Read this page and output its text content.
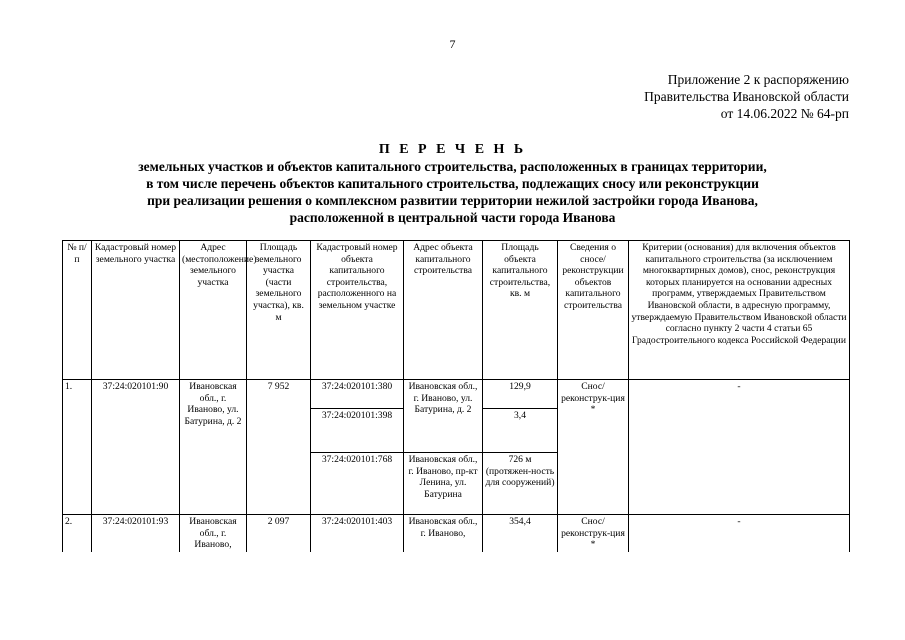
7
Приложение 2 к распоряжению
Правительства Ивановской области
от 14.06.2022 № 64-рп
П Е Р Е Ч Е Н Ь
земельных участков и объектов капитального строительства, расположенных в границах территории,
в том числе перечень объектов капитального строительства, подлежащих сносу или реконструкции
при реализации решения о комплексном развитии территории нежилой застройки города Иванова,
расположенной в центральной части города Иванова
№ п/п	Кадастровый номер земельного участка	Адрес (местоположение) земельного участка	Площадь земельного участка (части земельного участка), кв. м	Кадастровый номер объекта капитального строительства, расположенного на земельном участке	Адрес объекта капитального строительства	Площадь объекта капитального строительства, кв. м	Сведения о сносе/ реконструкции объектов капитального строительства	Критерии (основания) для включения объектов капитального строительства (за исключением многоквартирных домов), снос, реконструкция которых планируется на основании адресных программ, утверждаемых Правительством Ивановской области, в адресную программу, утверждаемую Правительством Ивановской области согласно пункту 2 части 4 статьи 65 Градостроительного кодекса Российской Федерации
1.	37:24:020101:90	Ивановская обл., г. Иваново, ул. Батурина, д. 2	7 952	37:24:020101:380	Ивановская обл., г. Иваново, ул. Батурина, д. 2	129,9	Снос/ реконструк-ция *	-
				37:24:020101:398		3,4		
				37:24:020101:768	Ивановская обл., г. Иваново, пр-кт Ленина, ул. Батурина	726 м (протяжен-ность для сооружений)		
2.	37:24:020101:93	Ивановская обл., г. Иваново,	2 097	37:24:020101:403	Ивановская обл., г. Иваново,	354,4	Снос/ реконструк-ция *	-
